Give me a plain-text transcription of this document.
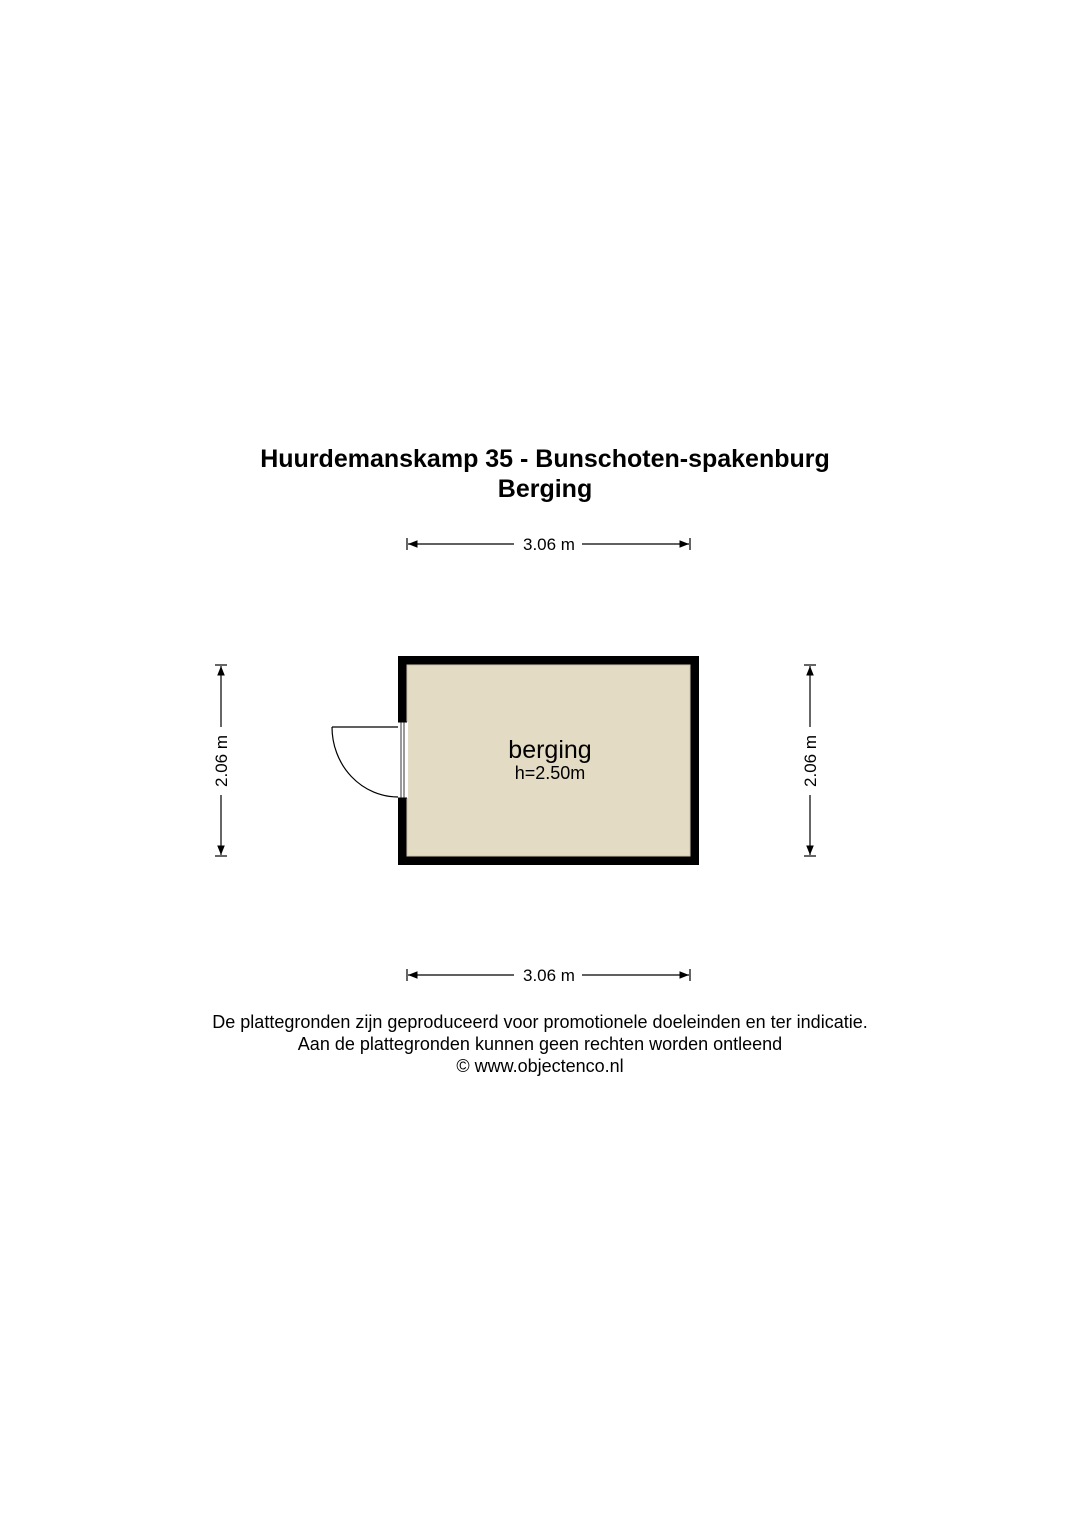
Huurdemanskamp 35 - Bunschoten-spakenburg
Berging
3.06 m
3.06 m
2.06 m	2.06 m
berging
h=2.50m
De plattegronden zijn geproduceerd voor promotionele doeleinden en ter indicatie.
Aan de plattegronden kunnen geen rechten worden ontleend
© www.objectenco.nl
